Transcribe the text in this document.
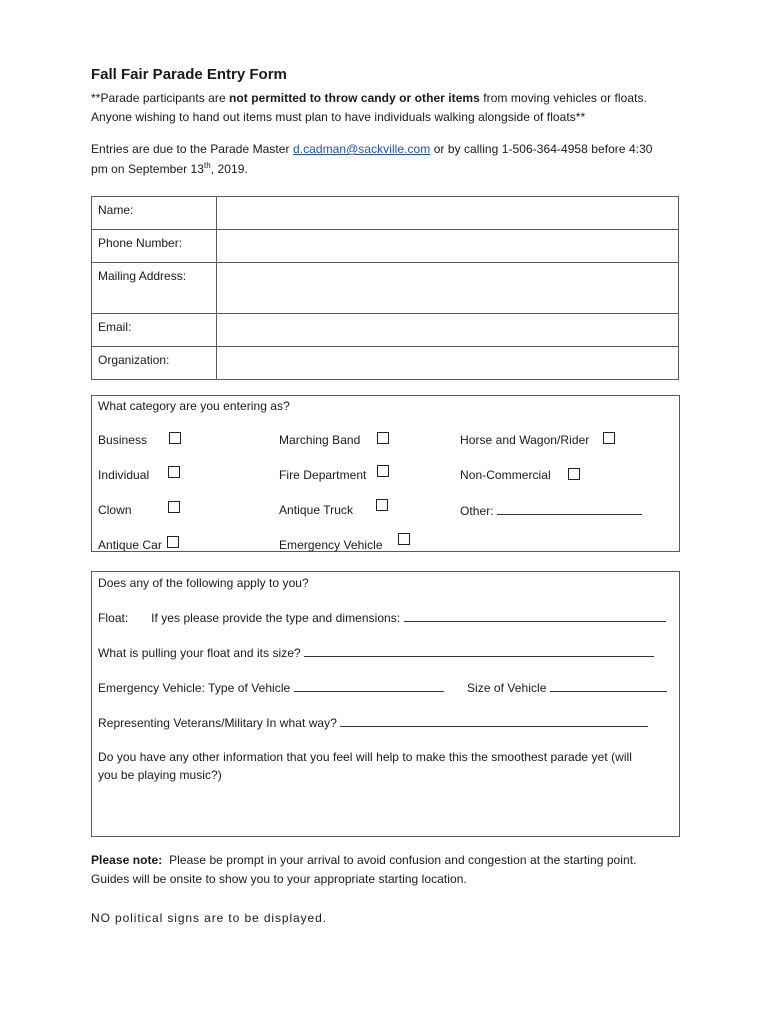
Fall Fair Parade Entry Form
**Parade participants are not permitted to throw candy or other items from moving vehicles or floats.
Anyone wishing to hand out items must plan to have individuals walking alongside of floats**
Entries are due to the Parade Master d.cadman@sackville.com or by calling 1-506-364-4958 before 4:30
pm on September 13th, 2019.
Name:	
Phone Number:	
Mailing Address:	
Email:	
Organization:	
What category are you entering as?
Business	Marching Band	Horse and Wagon/Rider
Individual	Fire Department	Non-Commercial
Clown	Antique Truck	Other:
Antique Car	Emergency Vehicle
Does any of the following apply to you?
Float: If yes please provide the type and dimensions:
What is pulling your float and its size?
Emergency Vehicle: Type of Vehicle	Size of Vehicle
Representing Veterans/Military In what way?
Do you have any other information that you feel will help to make this the smoothest parade yet (will
you be playing music?)
Please note: Please be prompt in your arrival to avoid confusion and congestion at the starting point.
Guides will be onsite to show you to your appropriate starting location.
NO political signs are to be displayed.
